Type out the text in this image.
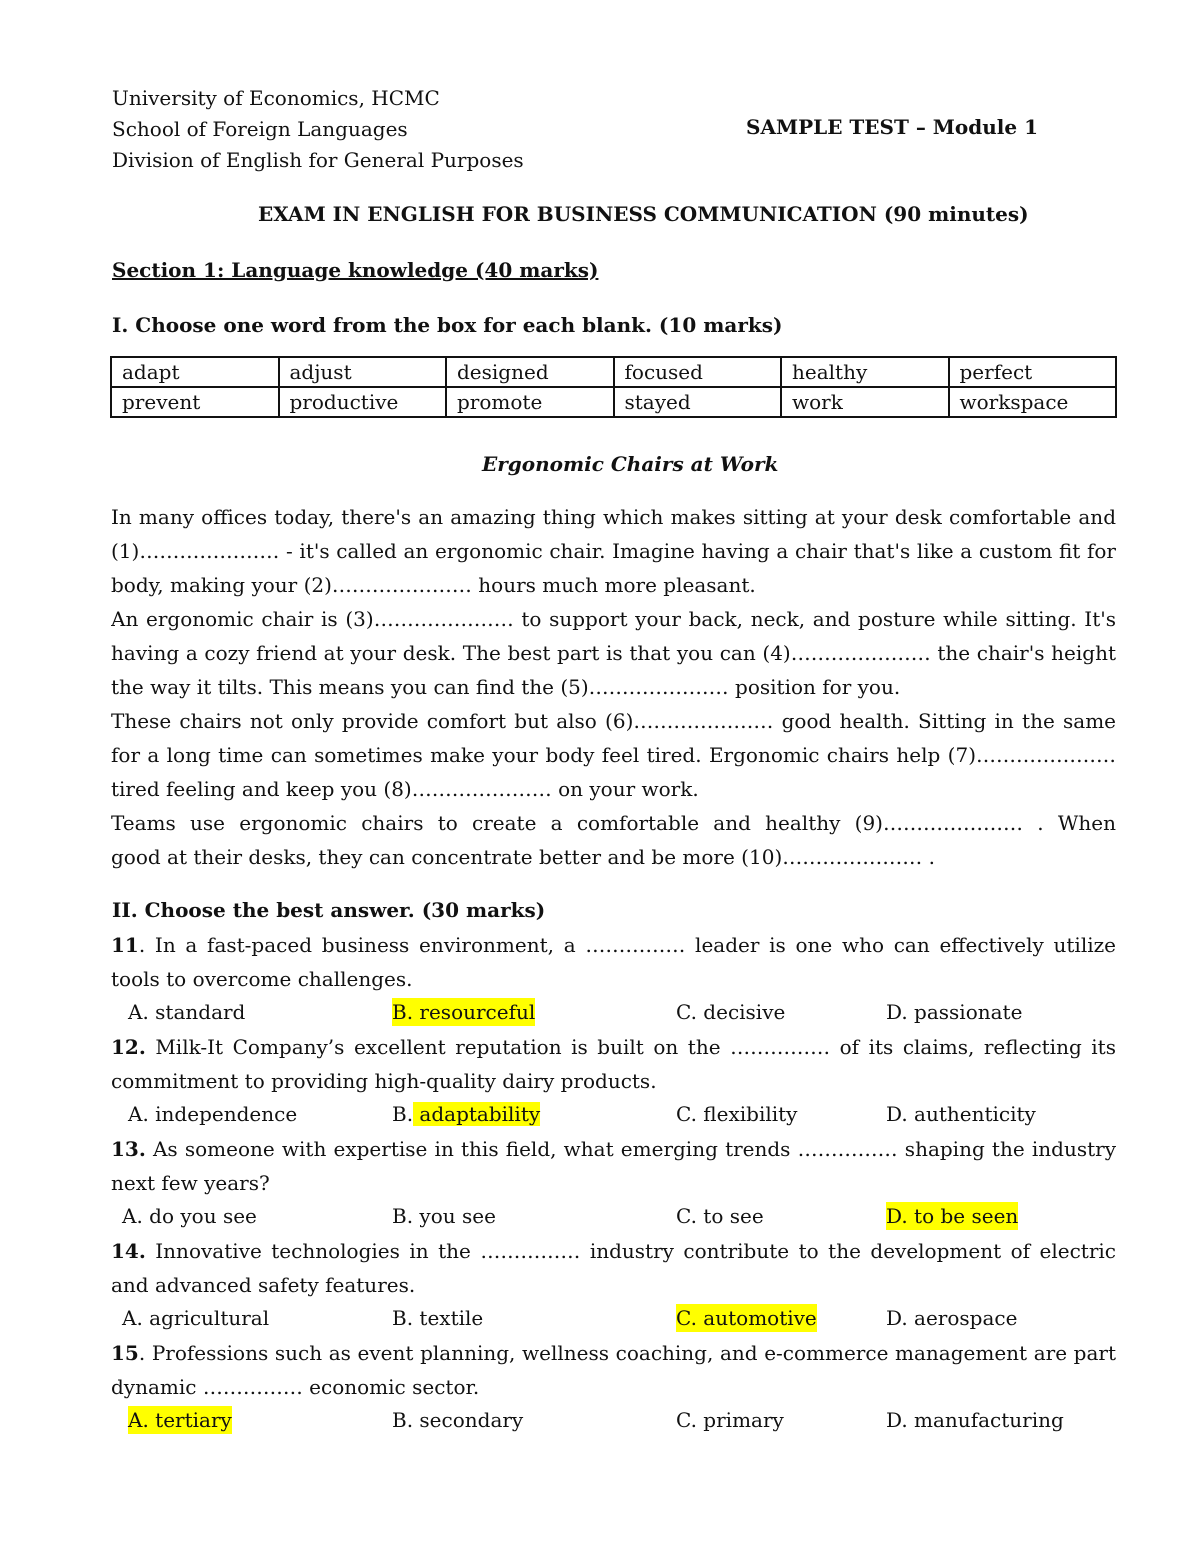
University of Economics, HCMC
School of Foreign Languages
Division of English for General Purposes
SAMPLE TEST – Module 1
EXAM IN ENGLISH FOR BUSINESS COMMUNICATION (90 minutes)
Section 1: Language knowledge (40 marks)
I. Choose one word from the box for each blank. (10 marks)
adapt	adjust	designed	focused	healthy	perfect
prevent	productive	promote	stayed	work	workspace
Ergonomic Chairs at Work
In many offices today, there's an amazing thing which makes sitting at your desk comfortable and
(1)………………… - it's called an ergonomic chair. Imagine having a chair that's like a custom fit for
body, making your (2)………………… hours much more pleasant.
An ergonomic chair is (3)………………… to support your back, neck, and posture while sitting. It's
having a cozy friend at your desk. The best part is that you can (4)………………… the chair's height
the way it tilts. This means you can find the (5)………………… position for you.
These chairs not only provide comfort but also (6)………………… good health. Sitting in the same
for a long time can sometimes make your body feel tired. Ergonomic chairs help (7)…………………
tired feeling and keep you (8)………………… on your work.
Teams use ergonomic chairs to create a comfortable and healthy (9)………………… . When
good at their desks, they can concentrate better and be more (10)………………… .
II. Choose the best answer. (30 marks)
11. In a fast-paced business environment, a …………… leader is one who can effectively utilize
tools to overcome challenges.
A. standard	B. resourceful	C. decisive	D. passionate
12. Milk-It Company’s excellent reputation is built on the …………… of its claims, reflecting its
commitment to providing high-quality dairy products.
A. independence	B. adaptability	C. flexibility	D. authenticity
13. As someone with expertise in this field, what emerging trends …………… shaping the industry
next few years?
A. do you see	B. you see	C. to see	D. to be seen
14. Innovative technologies in the …………… industry contribute to the development of electric
and advanced safety features.
A. agricultural	B. textile	C. automotive	D. aerospace
15. Professions such as event planning, wellness coaching, and e-commerce management are part
dynamic …………… economic sector.
A. tertiary	B. secondary	C. primary	D. manufacturing
